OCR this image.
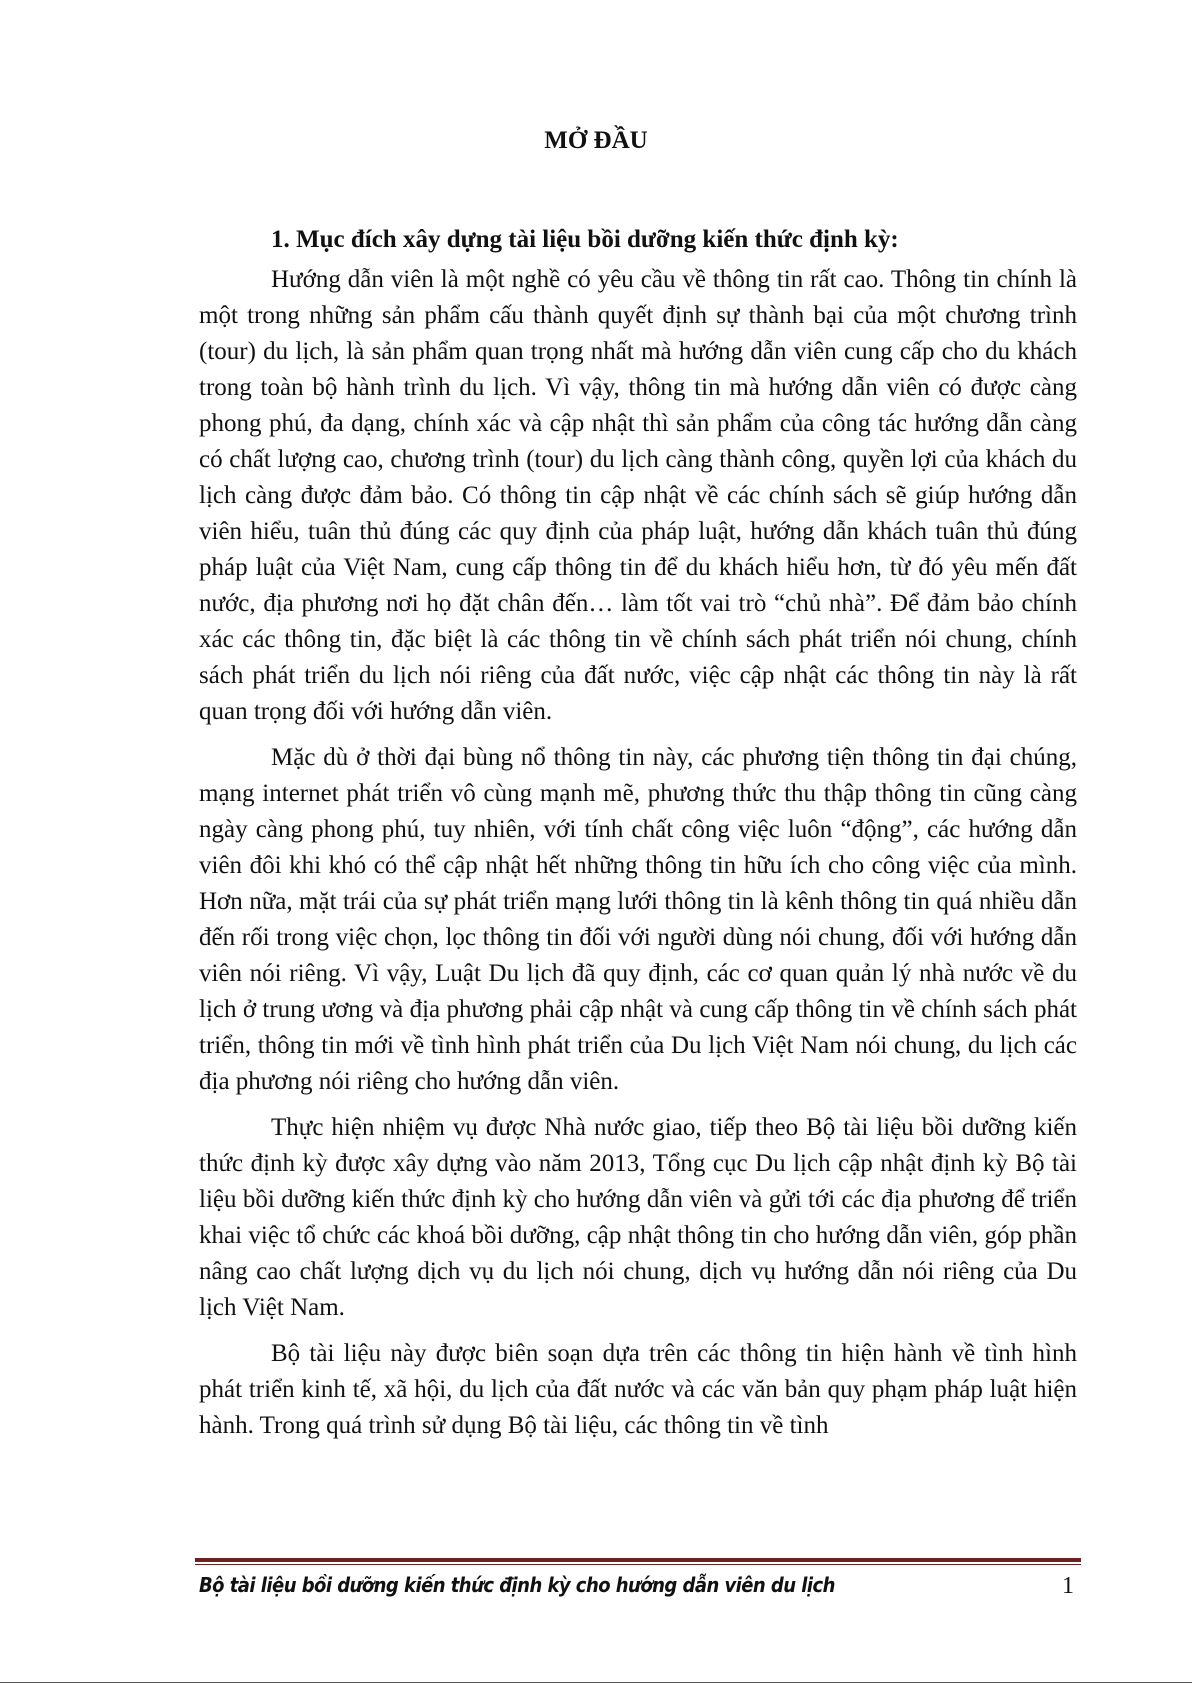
MỞ ĐẦU
1. Mục đích xây dựng tài liệu bồi dưỡng kiến thức định kỳ:

Hướng dẫn viên là một nghề có yêu cầu về thông tin rất cao. Thông tin chính là một trong những sản phẩm cấu thành quyết định sự thành bại của một chương trình (tour) du lịch, là sản phẩm quan trọng nhất mà hướng dẫn viên cung cấp cho du khách trong toàn bộ hành trình du lịch. Vì vậy, thông tin mà hướng dẫn viên có được càng phong phú, đa dạng, chính xác và cập nhật thì sản phẩm của công tác hướng dẫn càng có chất lượng cao, chương trình (tour) du lịch càng thành công, quyền lợi của khách du lịch càng được đảm bảo. Có thông tin cập nhật về các chính sách sẽ giúp hướng dẫn viên hiểu, tuân thủ đúng các quy định của pháp luật, hướng dẫn khách tuân thủ đúng pháp luật của Việt Nam, cung cấp thông tin để du khách hiểu hơn, từ đó yêu mến đất nước, địa phương nơi họ đặt chân đến… làm tốt vai trò “chủ nhà”. Để đảm bảo chính xác các thông tin, đặc biệt là các thông tin về chính sách phát triển nói chung, chính sách phát triển du lịch nói riêng của đất nước, việc cập nhật các thông tin này là rất quan trọng đối với hướng dẫn viên.

Mặc dù ở thời đại bùng nổ thông tin này, các phương tiện thông tin đại chúng, mạng internet phát triển vô cùng mạnh mẽ, phương thức thu thập thông tin cũng càng ngày càng phong phú, tuy nhiên, với tính chất công việc luôn “động”, các hướng dẫn viên đôi khi khó có thể cập nhật hết những thông tin hữu ích cho công việc của mình. Hơn nữa, mặt trái của sự phát triển mạng lưới thông tin là kênh thông tin quá nhiều dẫn đến rối trong việc chọn, lọc thông tin đối với người dùng nói chung, đối với hướng dẫn viên nói riêng. Vì vậy, Luật Du lịch đã quy định, các cơ quan quản lý nhà nước về du lịch ở trung ương và địa phương phải cập nhật và cung cấp thông tin về chính sách phát triển, thông tin mới về tình hình phát triển của Du lịch Việt Nam nói chung, du lịch các địa phương nói riêng cho hướng dẫn viên.

Thực hiện nhiệm vụ được Nhà nước giao, tiếp theo Bộ tài liệu bồi dưỡng kiến thức định kỳ được xây dựng vào năm 2013, Tổng cục Du lịch cập nhật định kỳ Bộ tài liệu bồi dưỡng kiến thức định kỳ cho hướng dẫn viên và gửi tới các địa phương để triển khai việc tổ chức các khoá bồi dưỡng, cập nhật thông tin cho hướng dẫn viên, góp phần nâng cao chất lượng dịch vụ du lịch nói chung, dịch vụ hướng dẫn nói riêng của Du lịch Việt Nam.

Bộ tài liệu này được biên soạn dựa trên các thông tin hiện hành về tình hình phát triển kinh tế, xã hội, du lịch của đất nước và các văn bản quy phạm pháp luật hiện hành. Trong quá trình sử dụng Bộ tài liệu, các thông tin về tình

Bộ tài liệu bồi dưỡng kiến thức định kỳ cho hướng dẫn viên du lịch	1
